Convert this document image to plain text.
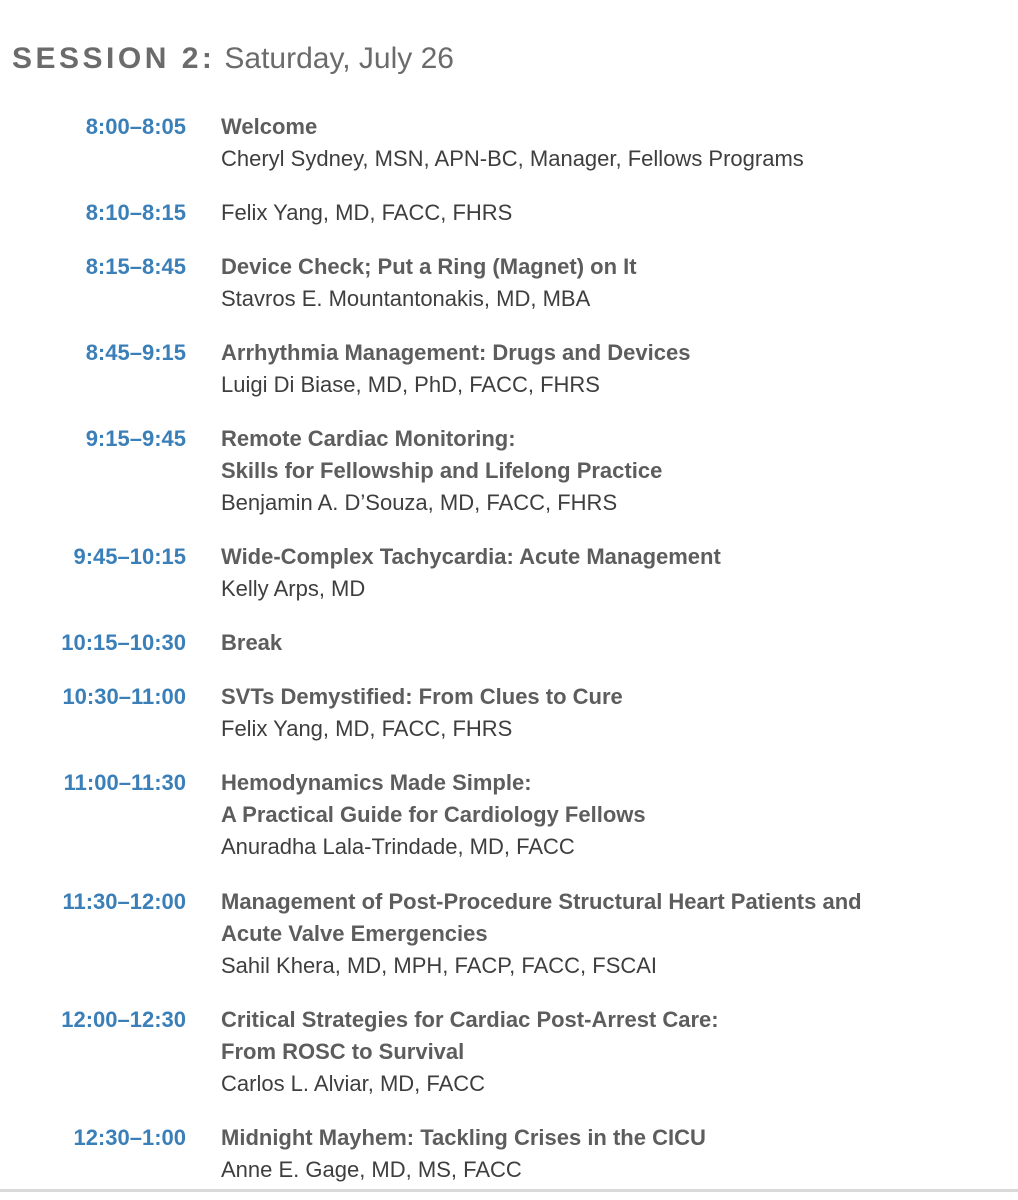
SESSION 2: Saturday, July 26
8:00–8:05 Welcome
Cheryl Sydney, MSN, APN-BC, Manager, Fellows Programs
8:10–8:15 Felix Yang, MD, FACC, FHRS
8:15–8:45 Device Check; Put a Ring (Magnet) on It
Stavros E. Mountantonakis, MD, MBA
8:45–9:15 Arrhythmia Management: Drugs and Devices
Luigi Di Biase, MD, PhD, FACC, FHRS
9:15–9:45 Remote Cardiac Monitoring:
Skills for Fellowship and Lifelong Practice
Benjamin A. D’Souza, MD, FACC, FHRS
9:45–10:15 Wide-Complex Tachycardia: Acute Management
Kelly Arps, MD
10:15–10:30 Break
10:30–11:00 SVTs Demystified: From Clues to Cure
Felix Yang, MD, FACC, FHRS
11:00–11:30 Hemodynamics Made Simple:
A Practical Guide for Cardiology Fellows
Anuradha Lala-Trindade, MD, FACC
11:30–12:00 Management of Post-Procedure Structural Heart Patients and
Acute Valve Emergencies
Sahil Khera, MD, MPH, FACP, FACC, FSCAI
12:00–12:30 Critical Strategies for Cardiac Post-Arrest Care:
From ROSC to Survival
Carlos L. Alviar, MD, FACC
12:30–1:00 Midnight Mayhem: Tackling Crises in the CICU
Anne E. Gage, MD, MS, FACC
